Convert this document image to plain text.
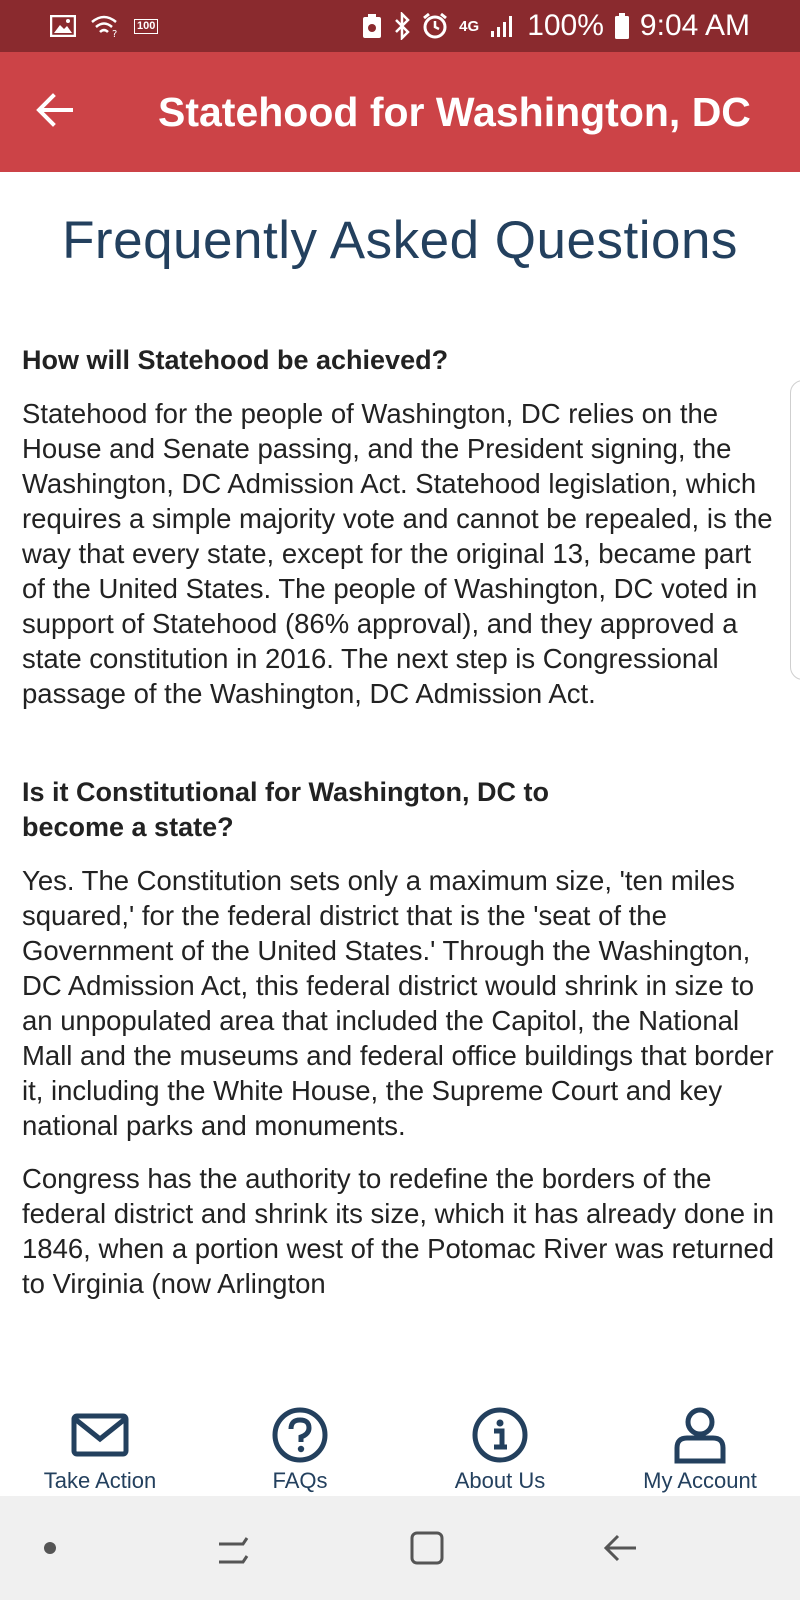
?
100	4G 100% 9:04 AM
Statehood for Washington, DC
Frequently Asked Questions
How will Statehood be achieved?

Statehood for the people of Washington, DC relies on the House and Senate passing, and the President signing, the Washington, DC Admission Act. Statehood legislation, which requires a simple majority vote and cannot be repealed, is the way that every state, except for the original 13, became part of the United States. The people of Washington, DC voted in support of Statehood (86% approval), and they approved a state constitution in 2016. The next step is Congressional passage of the Washington, DC Admission Act.

Is it Constitutional for Washington, DC to become a state?

Yes. The Constitution sets only a maximum size, 'ten miles squared,' for the federal district that is the 'seat of the Government of the United States.' Through the Washington, DC Admission Act, this federal district would shrink in size to an unpopulated area that included the Capitol, the National Mall and the museums and federal office buildings that border it, including the White House, the Supreme Court and key national parks and monuments.

Congress has the authority to redefine the borders of the federal district and shrink its size, which it has already done in 1846, when a portion west of the Potomac River was returned to Virginia (now Arlington

Take Action	FAQs	About Us	My Account
